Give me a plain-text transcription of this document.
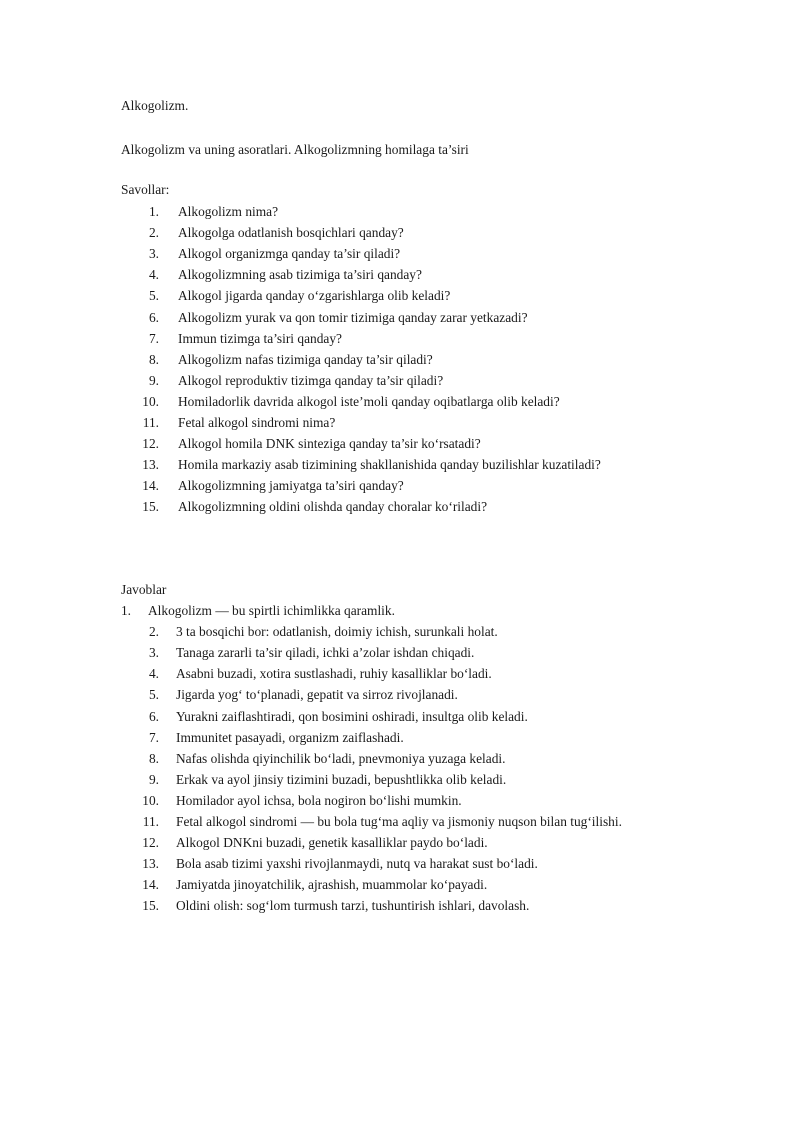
Alkogolizm.
Alkogolizm va uning asoratlari. Alkogolizmning homilaga ta’siri
Savollar:
1. Alkogolizm nima?
2. Alkogolga odatlanish bosqichlari qanday?
3. Alkogol organizmga qanday ta’sir qiladi?
4. Alkogolizmning asab tizimiga ta’siri qanday?
5. Alkogol jigarda qanday o‘zgarishlarga olib keladi?
6. Alkogolizm yurak va qon tomir tizimiga qanday zarar yetkazadi?
7. Immun tizimga ta’siri qanday?
8. Alkogolizm nafas tizimiga qanday ta’sir qiladi?
9. Alkogol reproduktiv tizimga qanday ta’sir qiladi?
10. Homiladorlik davrida alkogol iste’moli qanday oqibatlarga olib keladi?
11. Fetal alkogol sindromi nima?
12. Alkogol homila DNK sinteziga qanday ta’sir ko‘rsatadi?
13. Homila markaziy asab tizimining shakllanishida qanday buzilishlar kuzatiladi?
14. Alkogolizmning jamiyatga ta’siri qanday?
15. Alkogolizmning oldini olishda qanday choralar ko‘riladi?
Javoblar
1. Alkogolizm — bu spirtli ichimlikka qaramlik.
2. 3 ta bosqichi bor: odatlanish, doimiy ichish, surunkali holat.
3. Tanaga zararli ta’sir qiladi, ichki a’zolar ishdan chiqadi.
4. Asabni buzadi, xotira sustlashadi, ruhiy kasalliklar bo‘ladi.
5. Jigarda yog‘ to‘planadi, gepatit va sirroz rivojlanadi.
6. Yurakni zaiflashtiradi, qon bosimini oshiradi, insultga olib keladi.
7. Immunitet pasayadi, organizm zaiflashadi.
8. Nafas olishda qiyinchilik bo‘ladi, pnevmoniya yuzaga keladi.
9. Erkak va ayol jinsiy tizimini buzadi, bepushtlikka olib keladi.
10. Homilador ayol ichsa, bola nogiron bo‘lishi mumkin.
11. Fetal alkogol sindromi — bu bola tug‘ma aqliy va jismoniy nuqson bilan tug‘ilishi.
12. Alkogol DNKni buzadi, genetik kasalliklar paydo bo‘ladi.
13. Bola asab tizimi yaxshi rivojlanmaydi, nutq va harakat sust bo‘ladi.
14. Jamiyatda jinoyatchilik, ajrashish, muammolar ko‘payadi.
15. Oldini olish: sog‘lom turmush tarzi, tushuntirish ishlari, davolash.
